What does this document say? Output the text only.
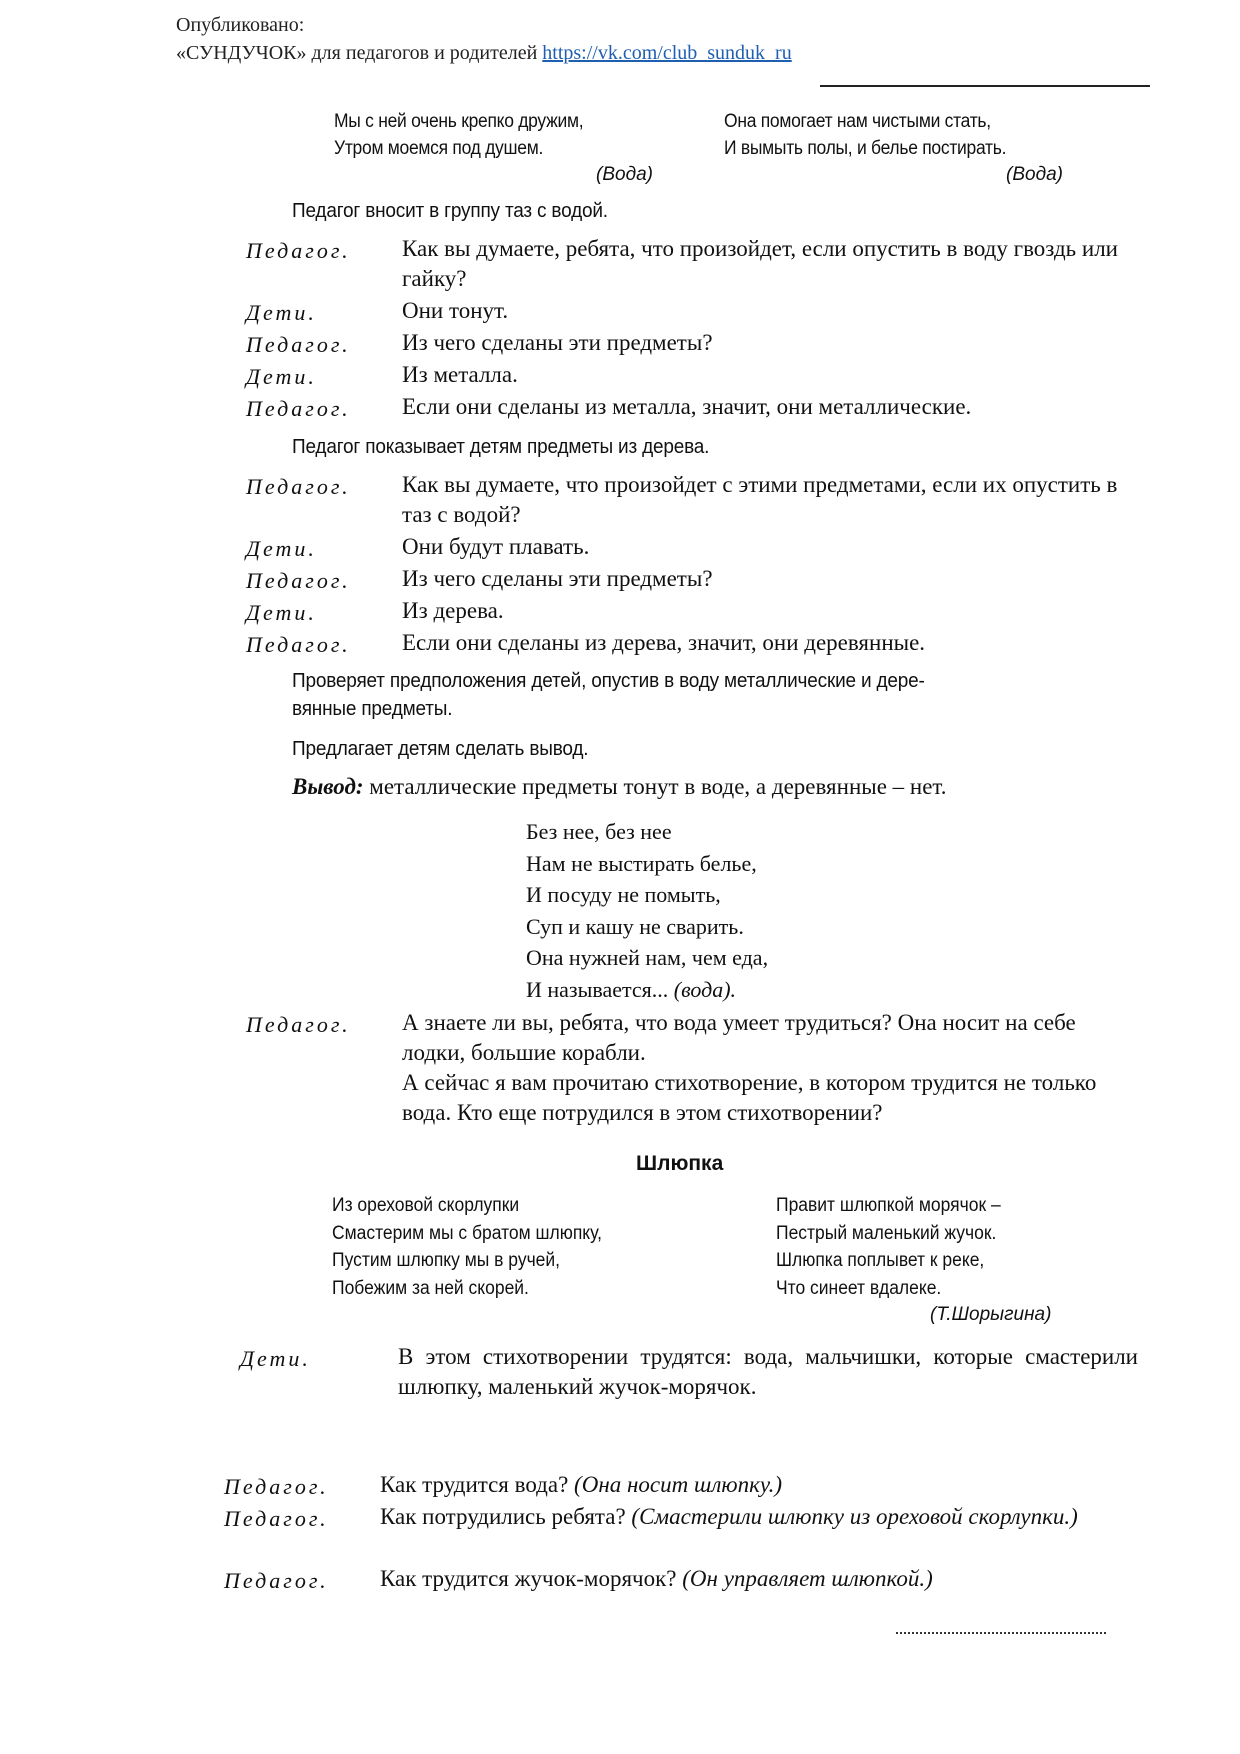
Опубликовано:
«СУНДУЧОК» для педагогов и родителей https://vk.com/club_sunduk_ru
Мы с ней очень крепко дружим,
Утром моемся под душем.
(Вода)
Она помогает нам чистыми стать,
И вымыть полы, и белье постирать.
(Вода)
Педагог вносит в группу таз с водой.
Педагог. Как вы думаете, ребята, что произойдет, если опустить в воду гвоздь или гайку?
Дети.	Они тонут.
Педагог. Из чего сделаны эти предметы?
Дети.	Из металла.
Педагог. Если они сделаны из металла, значит, они металлические.
Педагог показывает детям предметы из дерева.
Педагог. Как вы думаете, что произойдет с этими предметами, если их опустить в таз с водой?
Дети.	Они будут плавать.
Педагог. Из чего сделаны эти предметы?
Дети.	Из дерева.
Педагог. Если они сделаны из дерева, значит, они деревянные.
Проверяет предположения детей, опустив в воду металлические и дере-
вянные предметы.
Предлагает детям сделать вывод.
Вывод: металлические предметы тонут в воде, а деревянные – нет.
Без нее, без нее
Нам не выстирать белье,
И посуду не помыть,
Суп и кашу не сварить.
Она нужней нам, чем еда,
И называется... (вода).
Педагог. А знаете ли вы, ребята, что вода умеет трудиться? Она носит на себе лодки, большие корабли.
А сейчас я вам прочитаю стихотворение, в котором трудится не только вода. Кто еще потрудился в этом стихотворении?
Шлюпка
Из ореховой скорлупки
Смастерим мы с братом шлюпку,
Пустим шлюпку мы в ручей,
Побежим за ней скорей.
Правит шлюпкой морячок –
Пестрый маленький жучок.
Шлюпка поплывет к реке,
Что синеет вдалеке.
(Т.Шорыгина)
Дети.	В этом стихотворении трудятся: вода, мальчишки, которые смастерили шлюпку, маленький жучок-морячок.
Педагог. Как трудится вода? (Она носит шлюпку.)
Педагог. Как потрудились ребята? (Смастерили шлюпку из ореховой скорлупки.)
Педагог. Как трудится жучок-морячок? (Он управляет шлюпкой.)
